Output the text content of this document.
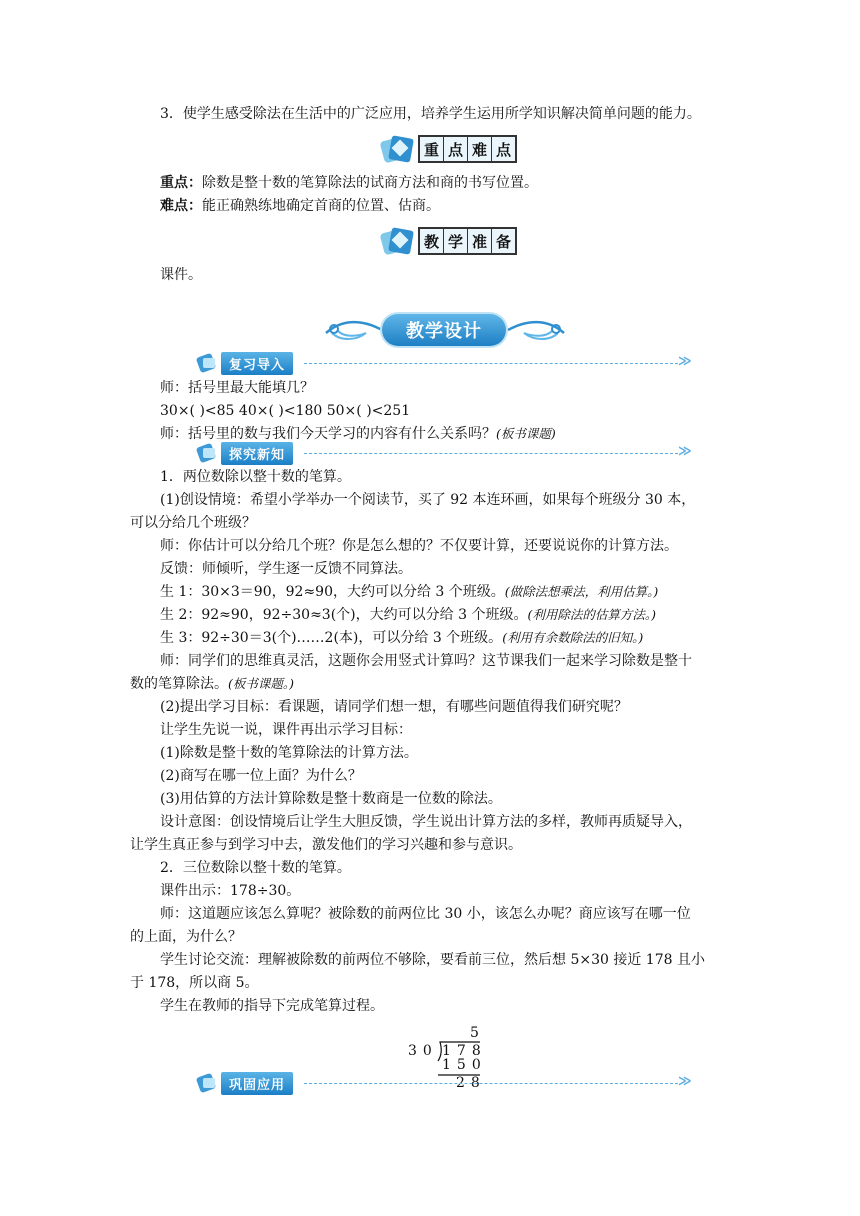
3．使学生感受除法在生活中的广泛应用，培养学生运用所学知识解决简单问题的能力。
重 点 难 点
重点：除数是整十数的笔算除法的试商方法和商的书写位置。
难点：能正确熟练地确定首商的位置、估商。
教 学 准 备
课件。
教学设计
复习导入	≫
师：括号里最大能填几？
30×( )<85 40×( )<180 50×( )<251
师：括号里的数与我们今天学习的内容有什么关系吗？(板书课题)
探究新知	≫
1．两位数除以整十数的笔算。
(1)创设情境：希望小学举办一个阅读节，买了 92 本连环画，如果每个班级分 30 本，
可以分给几个班级？
师：你估计可以分给几个班？你是怎么想的？不仅要计算，还要说说你的计算方法。
反馈：师倾听，学生逐一反馈不同算法。
生 1：30×3＝90，92≈90，大约可以分给 3 个班级。(做除法想乘法，利用估算。)
生 2：92≈90，92÷30≈3(个)，大约可以分给 3 个班级。(利用除法的估算方法。)
生 3：92÷30＝3(个)……2(本)，可以分给 3 个班级。(利用有余数除法的旧知。)
师：同学们的思维真灵活，这题你会用竖式计算吗？这节课我们一起来学习除数是整十
数的笔算除法。(板书课题。)
(2)提出学习目标：看课题，请同学们想一想，有哪些问题值得我们研究呢？
让学生先说一说，课件再出示学习目标：
(1)除数是整十数的笔算除法的计算方法。
(2)商写在哪一位上面？为什么？
(3)用估算的方法计算除数是整十数商是一位数的除法。
设计意图：创设情境后让学生大胆反馈，学生说出计算方法的多样，教师再质疑导入，
让学生真正参与到学习中去，激发他们的学习兴趣和参与意识。
2．三位数除以整十数的笔算。
课件出示：178÷30。
师：这道题应该怎么算呢？被除数的前两位比 30 小，该怎么办呢？商应该写在哪一位
的上面，为什么？
学生讨论交流：理解被除数的前两位不够除，要看前三位，然后想 5×30 接近 178 且小
于 178，所以商 5。
学生在教师的指导下完成笔算过程。
5
30 178
150
28
巩固应用	≫
